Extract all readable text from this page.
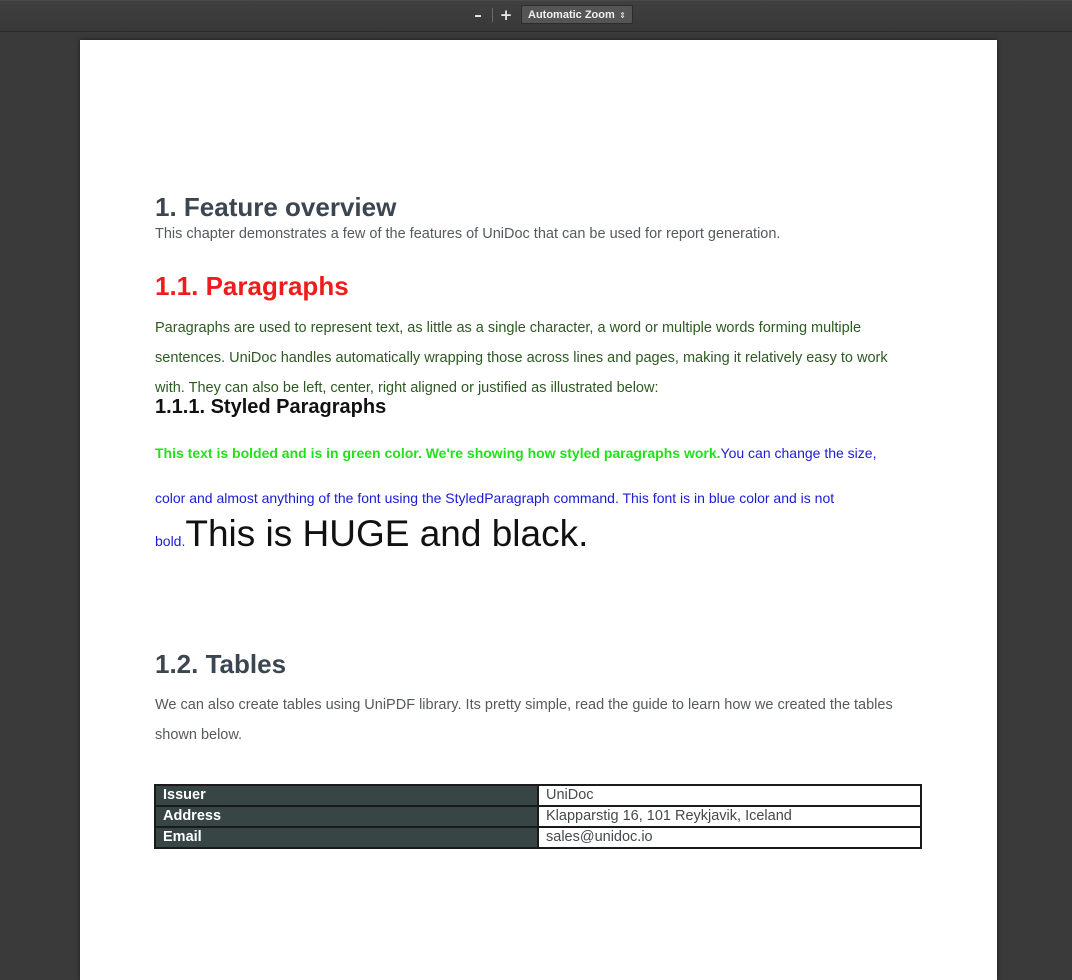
–	+	Automatic Zoom ⇕
1. Feature overview

This chapter demonstrates a few of the features of UniDoc that can be used for report generation.

1.1. Paragraphs

Paragraphs are used to represent text, as little as a single character, a word or multiple words forming multiple

sentences. UniDoc handles automatically wrapping those across lines and pages, making it relatively easy to work

with. They can also be left, center, right aligned or justified as illustrated below:

1.1.1. Styled Paragraphs

This text is bolded and is in green color. We're showing how styled paragraphs work.You can change the size,

color and almost anything of the font using the StyledParagraph command. This font is in blue color and is not

bold.This is HUGE and black.

1.2. Tables

We can also create tables using UniPDF library. Its pretty simple, read the guide to learn how we created the tables

shown below.

Issuer	UniDoc
Address	Klapparstig 16, 101 Reykjavik, Iceland
Email	sales@unidoc.io
